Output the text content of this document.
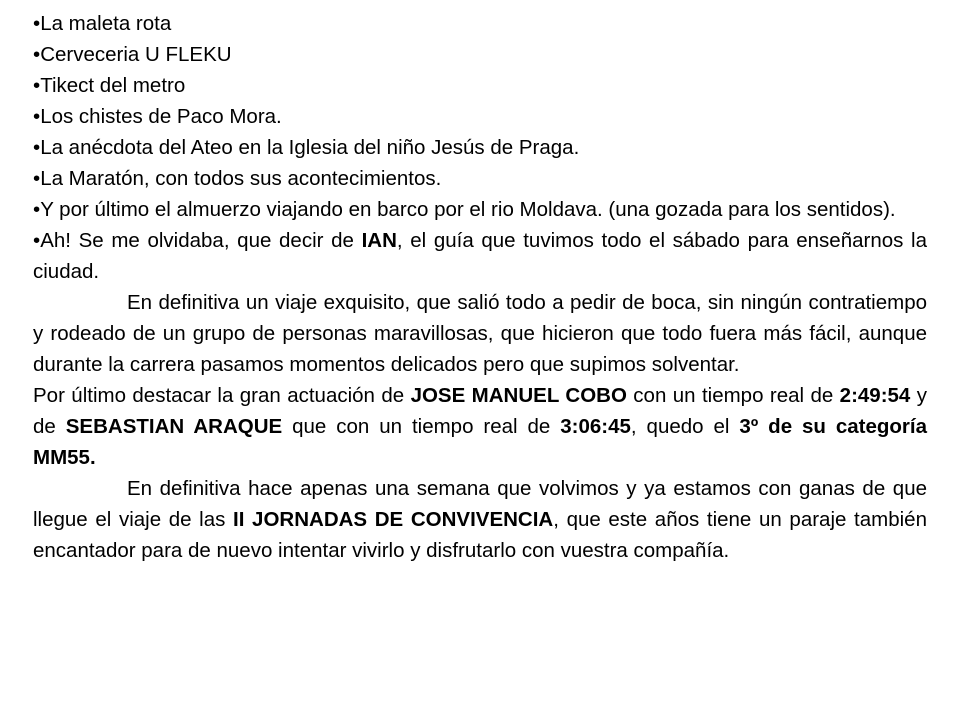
•La maleta rota

•Cerveceria U FLEKU

•Tikect del metro

•Los chistes de Paco Mora.

•La anécdota del Ateo en la Iglesia del niño Jesús de Praga.

•La Maratón, con todos sus acontecimientos.

•Y por último el almuerzo viajando en barco por el rio Moldava. (una gozada para los sentidos).

•Ah! Se me olvidaba, que decir de IAN, el guía que tuvimos todo el sábado para enseñarnos la ciudad.

En definitiva un viaje exquisito, que salió todo a pedir de boca, sin ningún contratiempo y rodeado de un grupo de personas maravillosas, que hicieron que todo fuera más fácil, aunque durante la carrera pasamos momentos delicados pero que supimos solventar.

Por último destacar la gran actuación de JOSE MANUEL COBO con un tiempo real de 2:49:54 y de SEBASTIAN ARAQUE que con un tiempo real de 3:06:45, quedo el 3º de su categoría MM55.

En definitiva hace apenas una semana que volvimos y ya estamos con ganas de que llegue el viaje de las II JORNADAS DE CONVIVENCIA, que este años tiene un paraje también encantador para de nuevo intentar vivirlo y disfrutarlo con vuestra compañía.
